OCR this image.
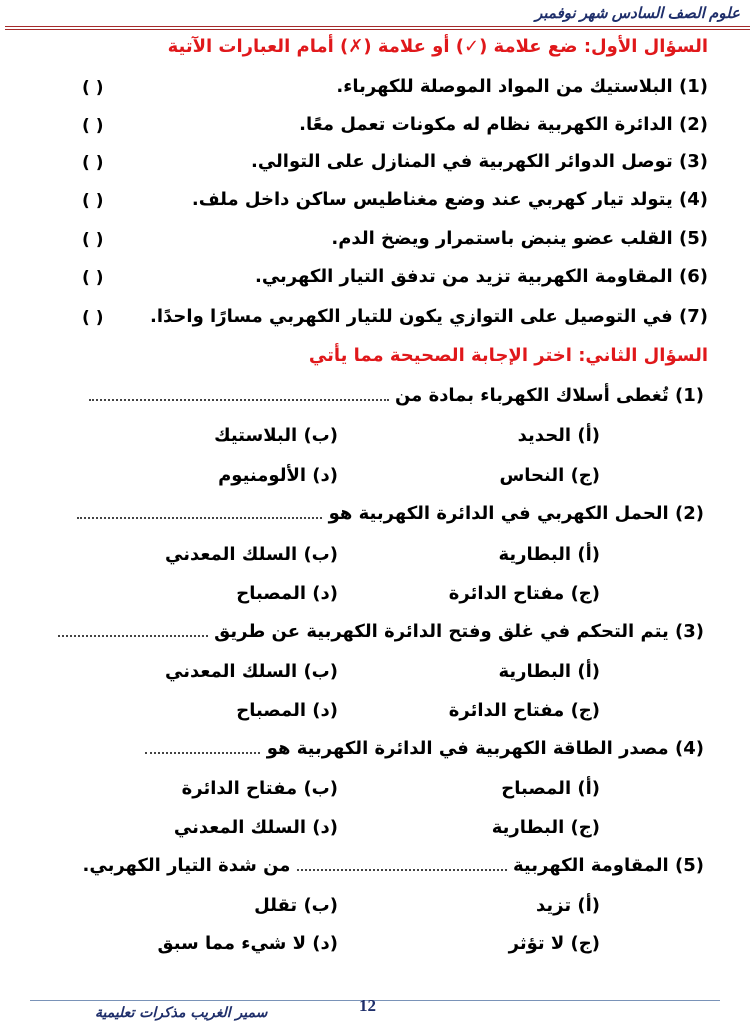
علوم الصف السادس شهر نوفمبر
السؤال الأول: ضع علامة (✓) أو علامة (✗) أمام العبارات الآتية
(1) البلاستيك من المواد الموصلة للكهرباء.
( )
(2) الدائرة الكهربية نظام له مكونات تعمل معًا.
( )
(3) توصل الدوائر الكهربية في المنازل على التوالي.
( )
(4) يتولد تيار كهربي عند وضع مغناطيس ساكن داخل ملف.
( )
(5) القلب عضو ينبض باستمرار ويضخ الدم.
( )
(6) المقاومة الكهربية تزيد من تدفق التيار الكهربي.
( )
(7) في التوصيل على التوازي يكون للتيار الكهربي مسارًا واحدًا.
( )
السؤال الثاني: اختر الإجابة الصحيحة مما يأتي
(1) تُغطى أسلاك الكهرباء بمادة من
(أ) الحديد
(ب) البلاستيك
(ج) النحاس
(د) الألومنيوم
(2) الحمل الكهربي في الدائرة الكهربية هو
(أ) البطارية
(ب) السلك المعدني
(ج) مفتاح الدائرة
(د) المصباح
(3) يتم التحكم في غلق وفتح الدائرة الكهربية عن طريق
(أ) البطارية
(ب) السلك المعدني
(ج) مفتاح الدائرة
(د) المصباح
(4) مصدر الطاقة الكهربية في الدائرة الكهربية هو
(أ) المصباح
(ب) مفتاح الدائرة
(ج) البطارية
(د) السلك المعدني
(5) المقاومة الكهربية  من شدة التيار الكهربي.
(أ) تزيد
(ب) تقلل
(ج) لا تؤثر
(د) لا شيء مما سبق
12
سمير الغريب مذكرات تعليمية
